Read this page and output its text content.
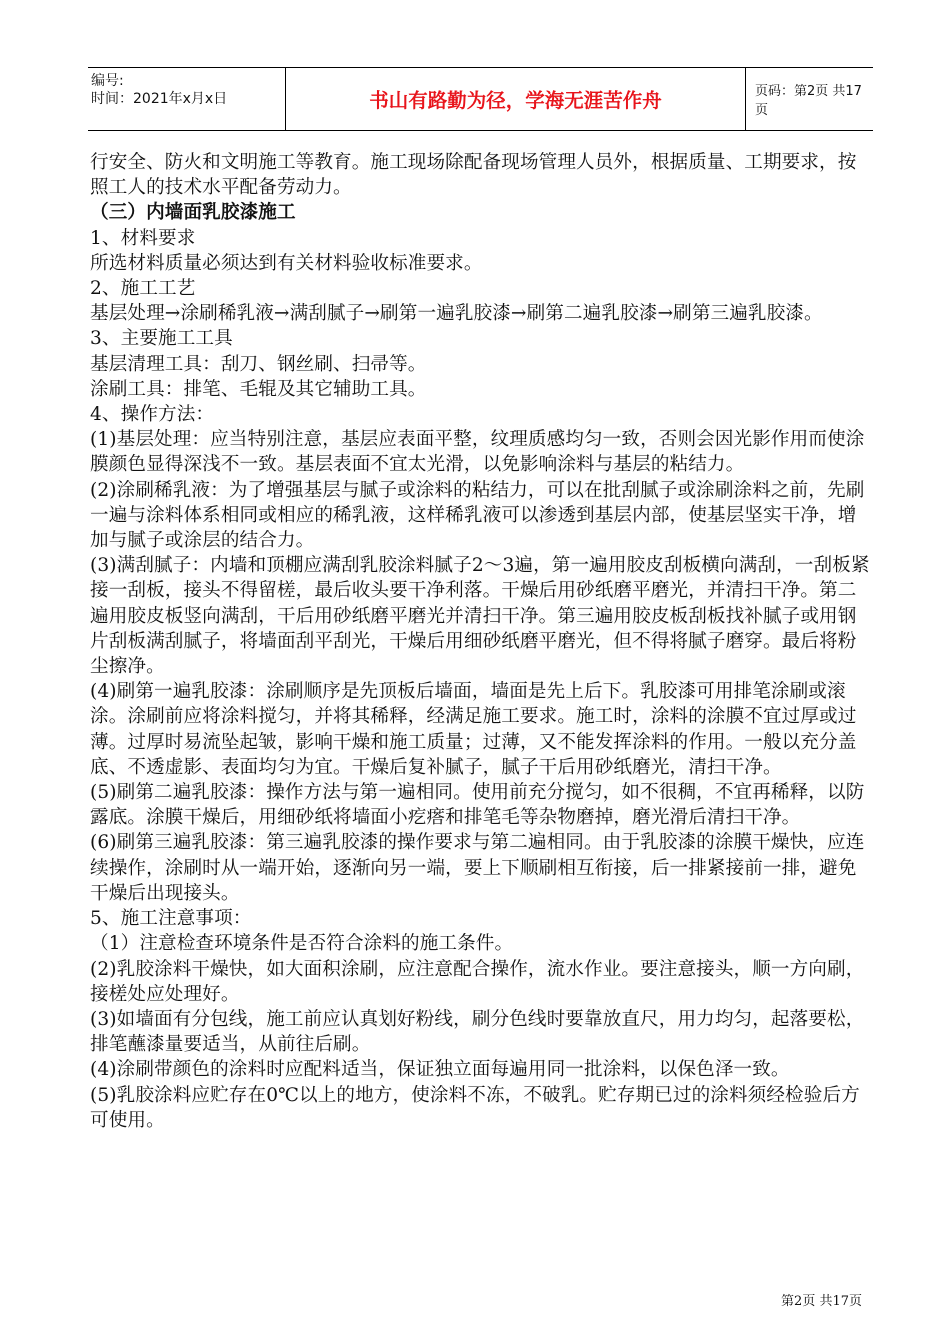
编号:
时间：2021年x月x日	书山有路勤为径，学海无涯苦作舟	页码：第2页 共17页

行安全、防火和文明施工等教育。施工现场除配备现场管理人员外，根据质量、工期要求，按照工人的技术水平配备劳动力。

（三）内墙面乳胶漆施工

1、材料要求

所选材料质量必须达到有关材料验收标准要求。

2、施工工艺

基层处理→涂刷稀乳液→满刮腻子→刷第一遍乳胶漆→刷第二遍乳胶漆→刷第三遍乳胶漆。

3、主要施工工具

基层清理工具：刮刀、钢丝刷、扫帚等。

涂刷工具：排笔、毛辊及其它辅助工具。

4、操作方法：

(1)基层处理：应当特别注意，基层应表面平整，纹理质感均匀一致，否则会因光影作用而使涂膜颜色显得深浅不一致。基层表面不宜太光滑，以免影响涂料与基层的粘结力。

(2)涂刷稀乳液：为了增强基层与腻子或涂料的粘结力，可以在批刮腻子或涂刷涂料之前，先刷一遍与涂料体系相同或相应的稀乳液，这样稀乳液可以渗透到基层内部，使基层坚实干净，增加与腻子或涂层的结合力。

(3)满刮腻子：内墙和顶棚应满刮乳胶涂料腻子2～3遍，第一遍用胶皮刮板横向满刮，一刮板紧接一刮板，接头不得留槎，最后收头要干净利落。干燥后用砂纸磨平磨光，并清扫干净。第二遍用胶皮板竖向满刮，干后用砂纸磨平磨光并清扫干净。第三遍用胶皮板刮板找补腻子或用钢片刮板满刮腻子，将墙面刮平刮光，干燥后用细砂纸磨平磨光，但不得将腻子磨穿。最后将粉尘擦净。

(4)刷第一遍乳胶漆：涂刷顺序是先顶板后墙面，墙面是先上后下。乳胶漆可用排笔涂刷或滚涂。涂刷前应将涂料搅匀，并将其稀释，经满足施工要求。施工时，涂料的涂膜不宜过厚或过薄。过厚时易流坠起皱，影响干燥和施工质量；过薄，又不能发挥涂料的作用。一般以充分盖底、不透虚影、表面均匀为宜。干燥后复补腻子，腻子干后用砂纸磨光，清扫干净。

(5)刷第二遍乳胶漆：操作方法与第一遍相同。使用前充分搅匀，如不很稠，不宜再稀释，以防露底。涂膜干燥后，用细砂纸将墙面小疙瘩和排笔毛等杂物磨掉，磨光滑后清扫干净。

(6)刷第三遍乳胶漆：第三遍乳胶漆的操作要求与第二遍相同。由于乳胶漆的涂膜干燥快，应连续操作，涂刷时从一端开始，逐渐向另一端，要上下顺刷相互衔接，后一排紧接前一排，避免干燥后出现接头。

5、施工注意事项：

（1）注意检查环境条件是否符合涂料的施工条件。

(2)乳胶涂料干燥快，如大面积涂刷，应注意配合操作，流水作业。要注意接头，顺一方向刷，接槎处应处理好。

(3)如墙面有分包线，施工前应认真划好粉线，刷分色线时要靠放直尺，用力均匀，起落要松，排笔蘸漆量要适当，从前往后刷。

(4)涂刷带颜色的涂料时应配料适当，保证独立面每遍用同一批涂料，以保色泽一致。

(5)乳胶涂料应贮存在0℃以上的地方，使涂料不冻，不破乳。贮存期已过的涂料须经检验后方可使用。

第2页 共17页
